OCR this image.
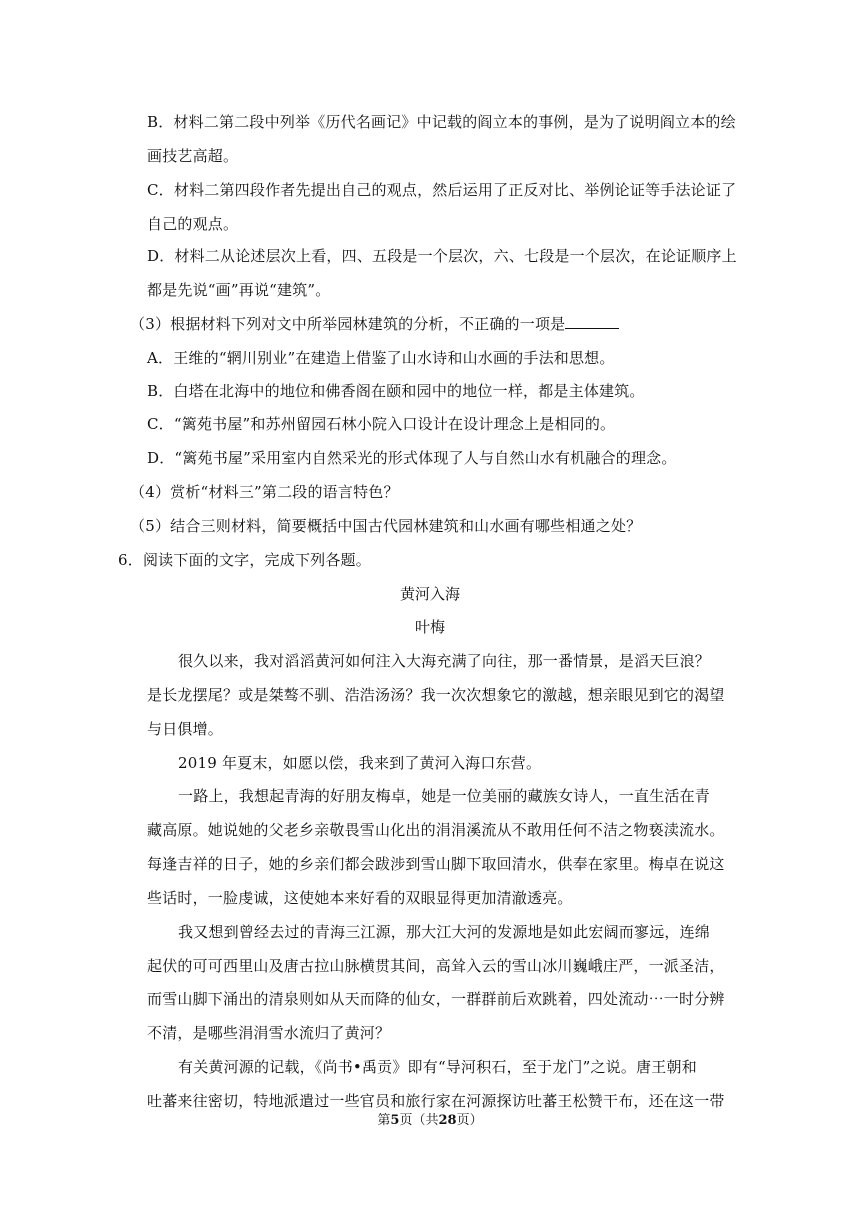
B．材料二第二段中列举《历代名画记》中记载的阎立本的事例，是为了说明阎立本的绘
画技艺高超。
C．材料二第四段作者先提出自己的观点，然后运用了正反对比、举例论证等手法论证了
自己的观点。
D．材料二从论述层次上看，四、五段是一个层次，六、七段是一个层次，在论证顺序上
都是先说“画”再说“建筑”。
（3）根据材料下列对文中所举园林建筑的分析，不正确的一项是
A．王维的“辋川别业”在建造上借鉴了山水诗和山水画的手法和思想。
B．白塔在北海中的地位和佛香阁在颐和园中的地位一样，都是主体建筑。
C．“篱苑书屋”和苏州留园石林小院入口设计在设计理念上是相同的。
D．“篱苑书屋”采用室内自然采光的形式体现了人与自然山水有机融合的理念。
（4）赏析“材料三”第二段的语言特色？
（5）结合三则材料，简要概括中国古代园林建筑和山水画有哪些相通之处？
6．阅读下面的文字，完成下列各题。
黄河入海
叶梅
很久以来，我对滔滔黄河如何注入大海充满了向往，那一番情景，是滔天巨浪？
是长龙摆尾？或是桀骜不驯、浩浩汤汤？我一次次想象它的激越，想亲眼见到它的渴望
与日俱增。
2019 年夏末，如愿以偿，我来到了黄河入海口东营。
一路上，我想起青海的好朋友梅卓，她是一位美丽的藏族女诗人，一直生活在青
藏高原。她说她的父老乡亲敬畏雪山化出的涓涓溪流从不敢用任何不洁之物亵渎流水。
每逢吉祥的日子，她的乡亲们都会跋涉到雪山脚下取回清水，供奉在家里。梅卓在说这
些话时，一脸虔诚，这使她本来好看的双眼显得更加清澈透亮。
我又想到曾经去过的青海三江源，那大江大河的发源地是如此宏阔而寥远，连绵
起伏的可可西里山及唐古拉山脉横贯其间，高耸入云的雪山冰川巍峨庄严，一派圣洁，
而雪山脚下涌出的清泉则如从天而降的仙女，一群群前后欢跳着，四处流动⋯一时分辨
不清，是哪些涓涓雪水流归了黄河？
有关黄河源的记载，《尚书•禹贡》即有“导河积石，至于龙门”之说。唐王朝和
吐蕃来往密切，特地派遣过一些官员和旅行家在河源探访吐蕃王松赞干布，还在这一带
第5页（共28页）
